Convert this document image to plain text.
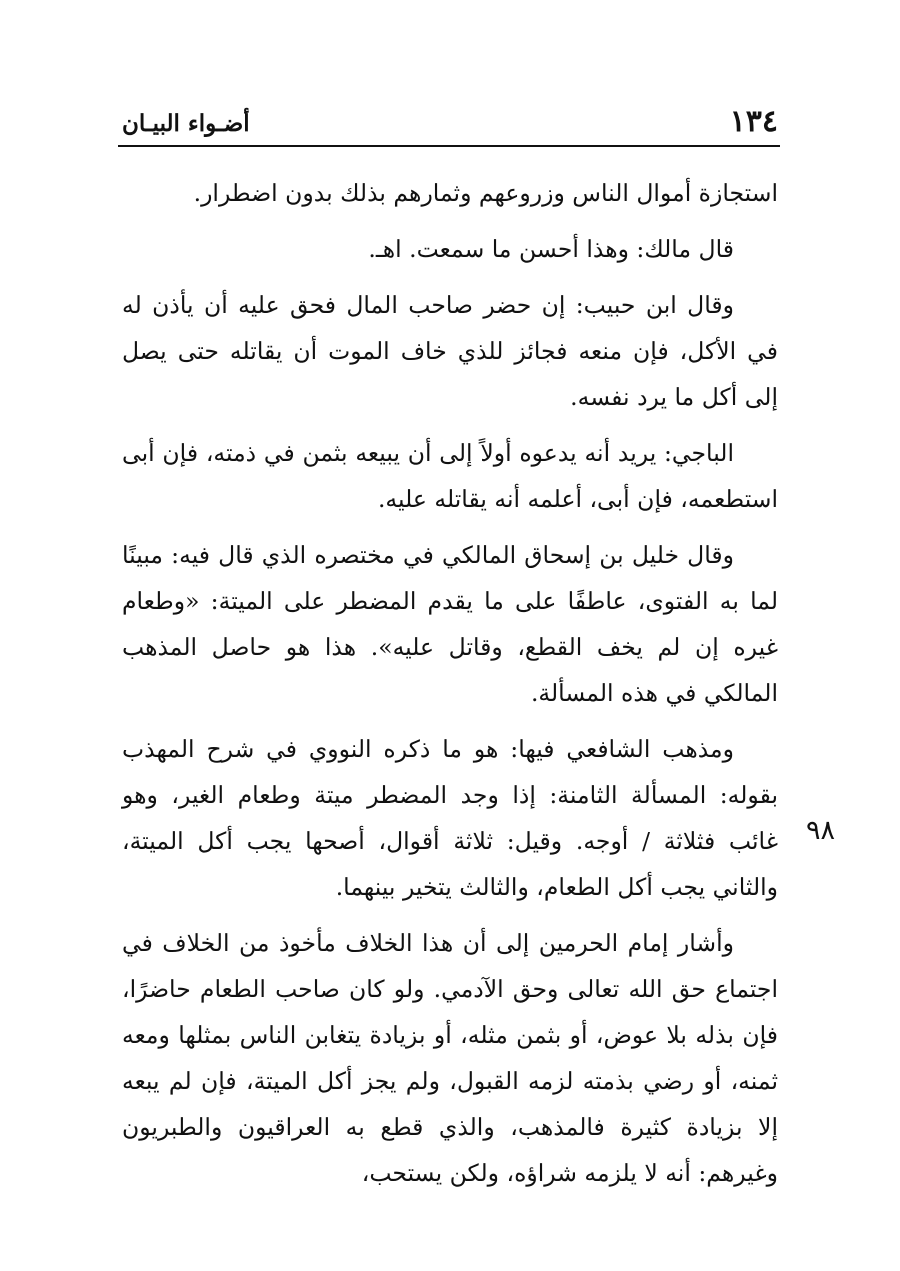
١٣٤
أضـواء البيـان

استجازة أموال الناس وزروعهم وثمارهم بذلك بدون اضطرار.

قال مالك: وهذا أحسن ما سمعت. اهـ.

وقال ابن حبيب: إن حضر صاحب المال فحق عليه أن يأذن له في الأكل، فإن منعه فجائز للذي خاف الموت أن يقاتله حتى يصل إلى أكل ما يرد نفسه.

الباجي: يريد أنه يدعوه أولاً إلى أن يبيعه بثمن في ذمته، فإن أبى استطعمه، فإن أبى، أعلمه أنه يقاتله عليه.

وقال خليل بن إسحاق المالكي في مختصره الذي قال فيه: مبينًا لما به الفتوى، عاطفًا على ما يقدم المضطر على الميتة: «وطعام غيره إن لم يخف القطع، وقاتل عليه». هذا هو حاصل المذهب المالكي في هذه المسألة.

ومذهب الشافعي فيها: هو ما ذكره النووي في شرح المهذب بقوله: المسألة الثامنة: إذا وجد المضطر ميتة وطعام الغير، وهو غائب فثلاثة / أوجه. وقيل: ثلاثة أقوال، أصحها يجب أكل الميتة، والثاني يجب أكل الطعام، والثالث يتخير بينهما.

وأشار إمام الحرمين إلى أن هذا الخلاف مأخوذ من الخلاف في اجتماع حق الله تعالى وحق الآدمي. ولو كان صاحب الطعام حاضرًا، فإن بذله بلا عوض، أو بثمن مثله، أو بزيادة يتغابن الناس بمثلها ومعه ثمنه، أو رضي بذمته لزمه القبول، ولم يجز أكل الميتة، فإن لم يبعه إلا بزيادة كثيرة فالمذهب، والذي قطع به العراقيون والطبريون وغيرهم: أنه لا يلزمه شراؤه، ولكن يستحب،

٩٨
